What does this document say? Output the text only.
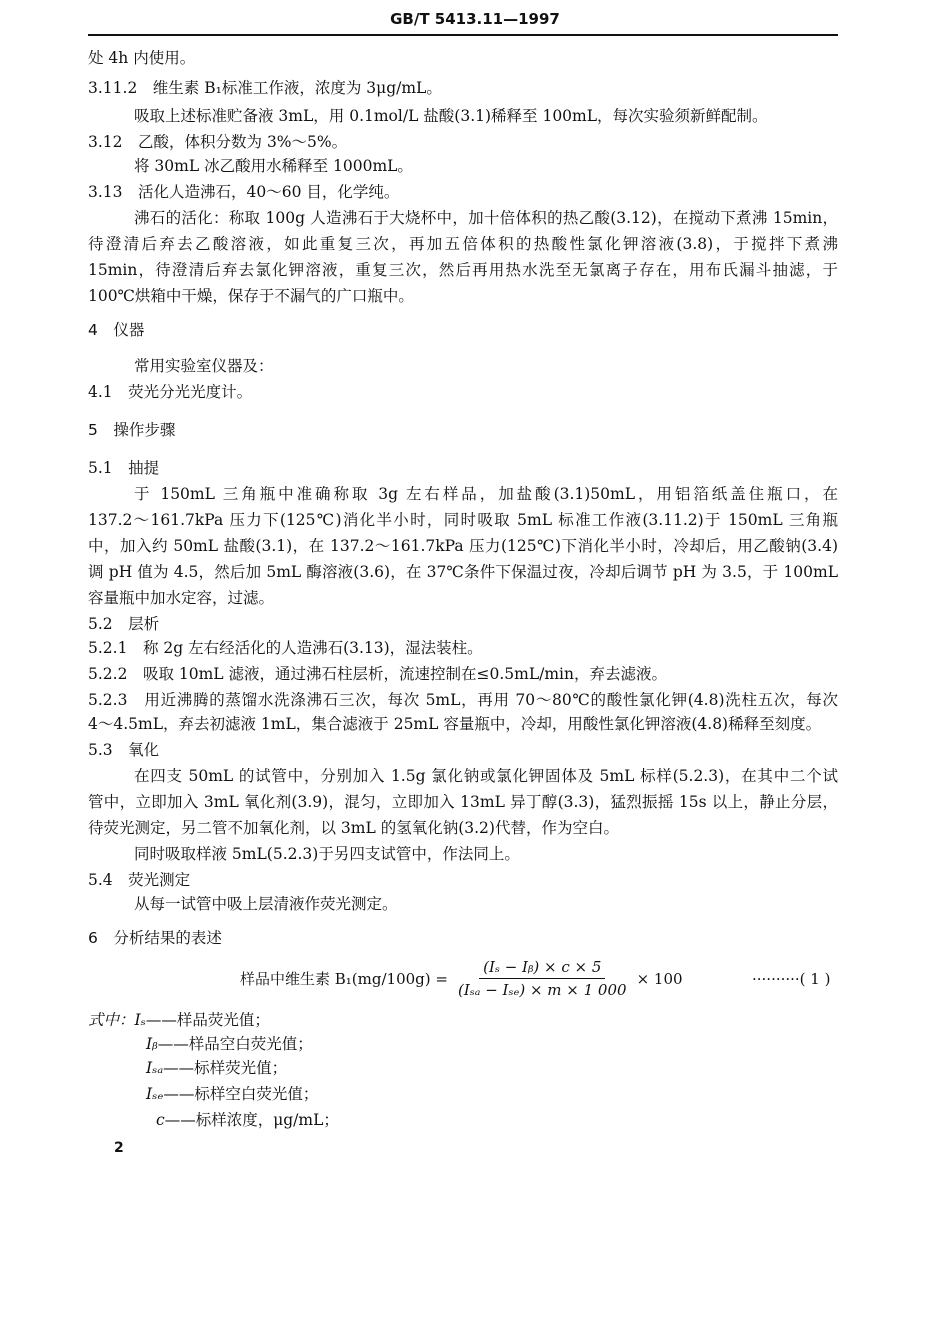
GB/T 5413.11—1997
处 4h 内使用。
3.11.2　维生素 B₁标准工作液，浓度为 3μg/mL。
吸取上述标准贮备液 3mL，用 0.1mol/L 盐酸(3.1)稀释至 100mL，每次实验须新鲜配制。
3.12　乙酸，体积分数为 3%～5%。
将 30mL 冰乙酸用水稀释至 1000mL。
3.13　活化人造沸石，40～60 目，化学纯。
沸石的活化：称取 100g 人造沸石于大烧杯中，加十倍体积的热乙酸(3.12)，在搅动下煮沸 15min，
待澄清后弃去乙酸溶液，如此重复三次，再加五倍体积的热酸性氯化钾溶液(3.8)，于搅拌下煮沸
15min，待澄清后弃去氯化钾溶液，重复三次，然后再用热水洗至无氯离子存在，用布氏漏斗抽滤，于
100℃烘箱中干燥，保存于不漏气的广口瓶中。
4　仪器
常用实验室仪器及：
4.1　荧光分光光度计。
5　操作步骤
5.1　抽提
于 150mL 三角瓶中准确称取 3g 左右样品，加盐酸(3.1)50mL，用铝箔纸盖住瓶口，在
137.2～161.7kPa 压力下(125℃)消化半小时，同时吸取 5mL 标准工作液(3.11.2)于 150mL 三角瓶
中，加入约 50mL 盐酸(3.1)，在 137.2～161.7kPa 压力(125℃)下消化半小时，冷却后，用乙酸钠(3.4)
调 pH 值为 4.5，然后加 5mL 酶溶液(3.6)，在 37℃条件下保温过夜，冷却后调节 pH 为 3.5，于 100mL
容量瓶中加水定容，过滤。
5.2　层析
5.2.1　称 2g 左右经活化的人造沸石(3.13)，湿法装柱。
5.2.2　吸取 10mL 滤液，通过沸石柱层析，流速控制在≤0.5mL/min，弃去滤液。
5.2.3　用近沸腾的蒸馏水洗涤沸石三次，每次 5mL，再用 70～80℃的酸性氯化钾(4.8)洗柱五次，每次
4～4.5mL，弃去初滤液 1mL，集合滤液于 25mL 容量瓶中，冷却，用酸性氯化钾溶液(4.8)稀释至刻度。
5.3　氧化
在四支 50mL 的试管中，分别加入 1.5g 氯化钠或氯化钾固体及 5mL 标样(5.2.3)，在其中二个试
管中，立即加入 3mL 氧化剂(3.9)，混匀，立即加入 13mL 异丁醇(3.3)，猛烈振摇 15s 以上，静止分层，
待荧光测定，另二管不加氧化剂，以 3mL 的氢氧化钠(3.2)代替，作为空白。
同时吸取样液 5mL(5.2.3)于另四支试管中，作法同上。
5.4　荧光测定
从每一试管中吸上层清液作荧光测定。
6　分析结果的表述
样品中维生素 $B_1(mg/100g) = \frac{\text{(Iₛ − Iᵦ) × c × 5}}{\text{(Iₛₐ − Iₛₑ) × m × 1 000}} \times 100$	··········( 1 )
式中：Iₛ——样品荧光值；
Iᵦ——样品空白荧光值；
Iₛₐ——标样荧光值；
Iₛₑ——标样空白荧光值；
c——标样浓度，μg/mL；
2
